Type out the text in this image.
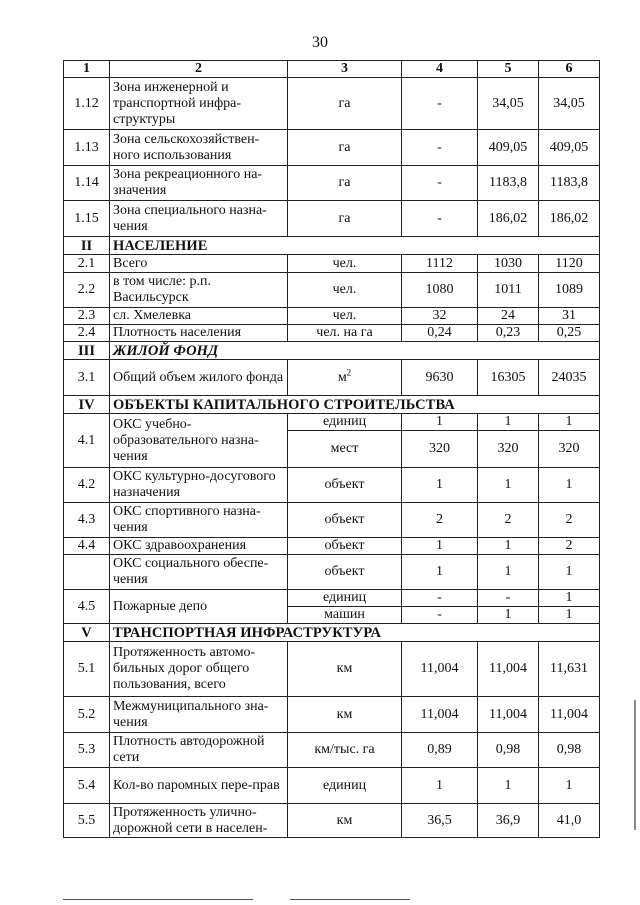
30
1	2	3	4	5	6
1.12	Зона инженерной и транспортной инфра-структуры	га	-	34,05	34,05
1.13	Зона сельскохозяйствен-ного использования	га	-	409,05	409,05
1.14	Зона рекреационного на-значения	га	-	1183,8	1183,8
1.15	Зона специального назна-чения	га	-	186,02	186,02
II	НАСЕЛЕНИЕ				
2.1	Всего	чел.	1112	1030	1120
2.2	в том числе: р.п. Васильсурск	чел.	1080	1011	1089
2.3	сл. Хмелевка	чел.	32	24	31
2.4	Плотность населения	чел. на га	0,24	0,23	0,25
III	ЖИЛОЙ ФОНД				
3.1	Общий объем жилого фонда	$м^2$	9630	16305	24035
IV	ОБЪЕКТЫ КАПИТАЛЬНОГО СТРОИТЕЛЬСТВА				
4.1	ОКС учебно-образовательного назна-чения	единиц	1	1	1
		мест	320	320	320
4.2	ОКС культурно-досугового назначения	объект	1	1	1
4.3	ОКС спортивного назна-чения	объект	2	2	2
4.4	ОКС здравоохранения	объект	1	1	2
	ОКС социального обеспе-чения	объект	1	1	1
4.5	Пожарные депо	единиц	-	-	1
		машин	-	1	1
V	ТРАНСПОРТНАЯ ИНФРАСТРУКТУРА				
5.1	Протяженность автомо-бильных дорог общего пользования, всего	км	11,004	11,004	11,631
5.2	Межмуниципального зна-чения	км	11,004	11,004	11,004
5.3	Плотность автодорожной сети	км/тыс. га	0,89	0,98	0,98
5.4	Кол-во паромных пере-прав	единиц	1	1	1
5.5	Протяженность улично-дорожной сети в населен-	км	36,5	36,9	41,0
